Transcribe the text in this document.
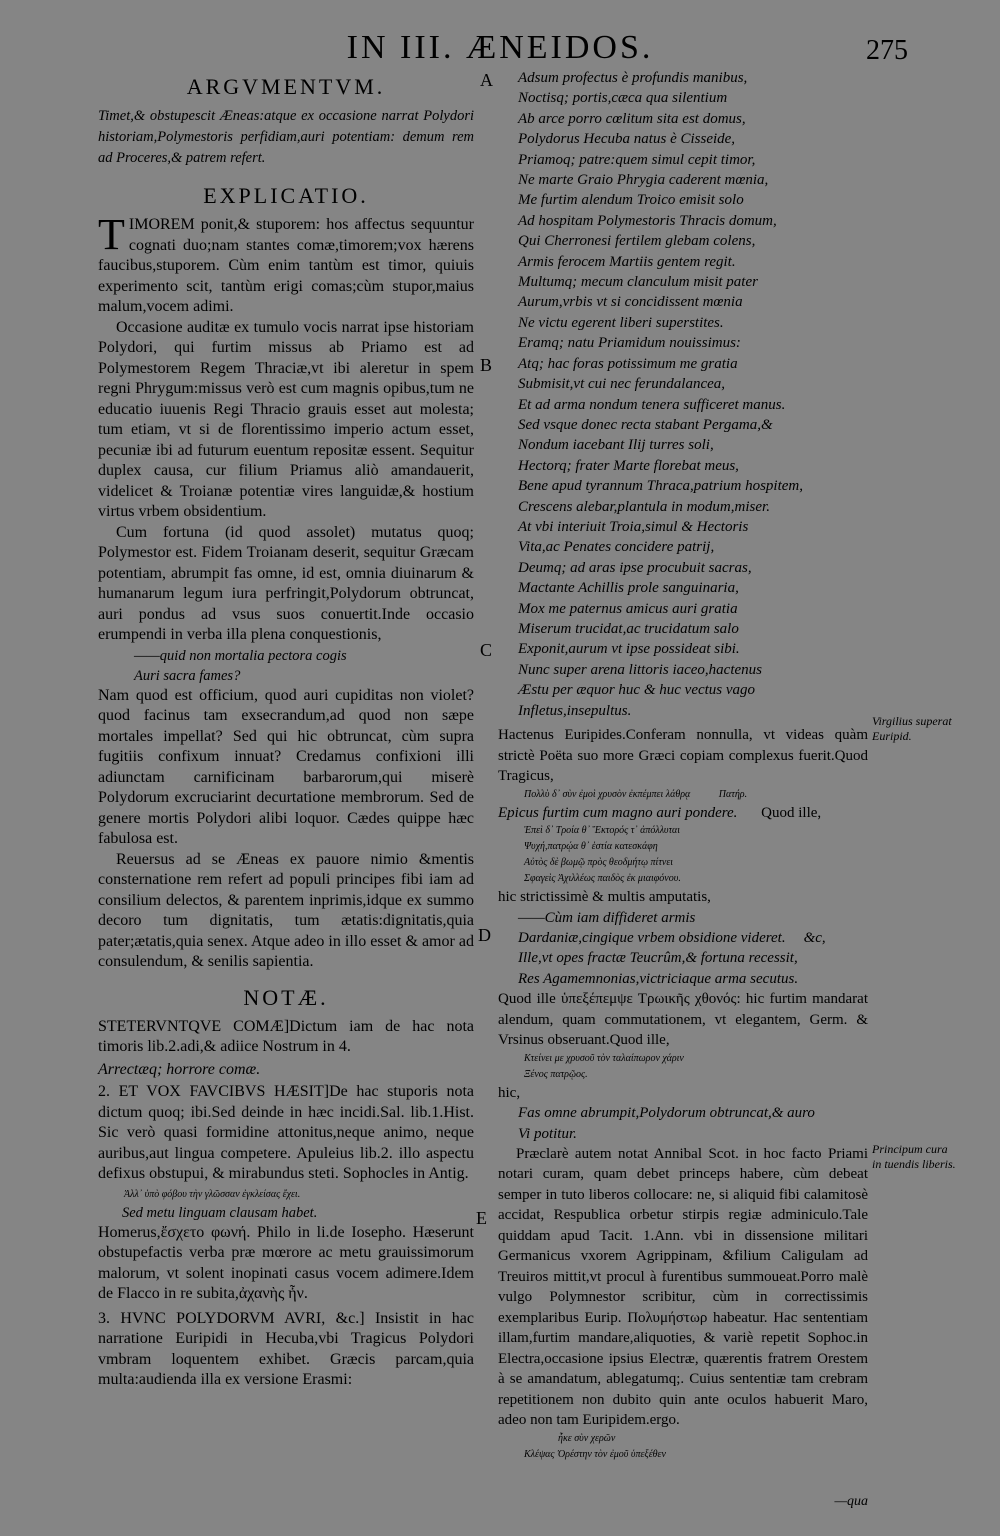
IN III. ÆNEIDOS.	275
ARGVMENTVM.
Timet,& obstupescit Æneas:atque ex occasione narrat Polydori historiam,Polymestoris perfidiam,auri potentiam: demum rem ad Proceres,& patrem refert.
EXPLICATIO.

TIMOREM ponit,& stuporem: hos affectus sequuntur cognati duo;nam stantes comæ,timorem;vox hærens faucibus,stuporem. Cùm enim tantùm est timor, quiuis experimento scit, tantùm erigi comas;cùm stupor,maius malum,vocem adimi.

Occasione auditæ ex tumulo vocis narrat ipse historiam Polydori, qui furtim missus ab Priamo est ad Polymestorem Regem Thraciæ,vt ibi aleretur in spem regni Phrygum:missus verò est cum magnis opibus,tum ne educatio iuuenis Regi Thracio grauis esset aut molesta; tum etiam, vt si de florentissimo imperio actum esset, pecuniæ ibi ad futurum euentum repositæ essent. Sequitur duplex causa, cur filium Priamus aliò amandauerit, videlicet & Troianæ potentiæ vires languidæ,& hostium virtus vrbem obsidentium.

Cum fortuna (id quod assolet) mutatus quoq; Polymestor est. Fidem Troianam deserit, sequitur Græcam potentiam, abrumpit fas omne, id est, omnia diuinarum & humanarum legum iura perfringit,Polydorum obtruncat, auri pondus ad vsus suos conuertit.Inde occasio erumpendi in verba illa plena conquestionis,

——quid non mortalia pectora cogis
Auri sacra fames?

Nam quod est officium, quod auri cupiditas non violet?quod facinus tam exsecrandum,ad quod non sæpe mortales impellat? Sed qui hic obtruncat, cùm supra fugitiis confixum innuat? Credamus confixioni illi adiunctam carnificinam barbarorum,qui miserè Polydorum excruciarint decurtatione membrorum. Sed de genere mortis Polydori alibi loquor. Cædes quippe hæc fabulosa est.

Reuersus ad se Æneas ex pauore nimio &mentis consternatione rem refert ad populi principes fibi iam ad consilium delectos, & parentem inprimis,idque ex summo decoro tum dignitatis, tum ætatis:dignitatis,quia pater;ætatis,quia senex. Atque adeo in illo esset & amor ad consulendum, & senilis sapientia.

NOTÆ.

STETERVNTQVE COMÆ]Dictum iam de hac nota timoris lib.2.adi,& adiice Nostrum in 4.

Arrectæq; horrore comæ.

2. ET VOX FAVCIBVS HÆSIT]De hac stuporis nota dictum quoq; ibi.Sed deinde in hæc incidi.Sal. lib.1.Hist. Sic verò quasi formidine attonitus,neque animo, neque auribus,aut lingua competere. Apuleius lib.2. illo aspectu defixus obstupui, & mirabundus steti. Sophocles in Antig.

Ἀλλ᾽ ὑπὸ φόβου τὴν γλῶσσαν ἐγκλείσας ἔχει.
Sed metu linguam clausam habet.

Homerus,ἔσχετο φωνή. Philo in li.de Iosepho. Hæserunt obstupefactis verba præ mœrore ac metu grauissimorum malorum, vt solent inopinati casus vocem adimere.Idem de Flacco in re subita,ἀχανὴς ἦν.

3. HVNC POLYDORVM AVRI, &c.] Insistit in hac narratione Euripidi in Hecuba,vbi Tragicus Polydori vmbram loquentem exhibet. Græcis parcam,quia multa:audienda illa ex versione Erasmi:

A
B
C
D
E
Adsum profectus è profundis manibus,
Noctisq; portis,cæca qua silentium
Ab arce porro cœlitum sita est domus,
Polydorus Hecuba natus è Cisseide,
Priamoq; patre:quem simul cepit timor,
Ne marte Graio Phrygia caderent mœnia,
Me furtim alendum Troico emisit solo
Ad hospitam Polymestoris Thracis domum,
Qui Cherronesi fertilem glebam colens,
Armis ferocem Martiis gentem regit.
Multumq; mecum clanculum misit pater
Aurum,vrbis vt si concidissent mœnia
Ne victu egerent liberi superstites.
Eramq; natu Priamidum nouissimus:
Atq; hac foras potissimum me gratia
Submisit,vt cui nec ferundalancea,
Et ad arma nondum tenera sufficeret manus.
Sed vsque donec recta stabant Pergama,&
Nondum iacebant Ilij turres soli,
Hectorq; frater Marte florebat meus,
Bene apud tyrannum Thraca,patrium hospitem,
Crescens alebar,plantula in modum,miser.
At vbi interiuit Troia,simul & Hectoris
Vita,ac Penates concidere patrij,
Deumq; ad aras ipse procubuit sacras,
Mactante Achillis prole sanguinaria,
Mox me paternus amicus auri gratia
Miserum trucidat,ac trucidatum salo
Exponit,aurum vt ipse possideat sibi.
Nunc super arena littoris iaceo,hactenus
Æstu per æquor huc & huc vectus vago
Infletus,insepultus.

Hactenus Euripides.Conferam nonnulla, vt videas quàm strictè Poëta suo more Græci copiam complexus fuerit.Quod Tragicus,

Πολλὺ δ᾽ σὺν ἐμοὶ χρυσὸν ἐκπέμπει λάθρᾳ	Πατήρ.

Epicus furtim cum magno auri pondere. Quod ille,

Ἐπεὶ δ᾽ Τροία θ᾽ Ἕκτορός τ᾽ ἀπόλλυται
Ψυχή,πατρῴα θ᾽ ἑστία κατεσκάφη
Αὐτὸς δὲ βωμῷ πρὸς θεοδμήτῳ πίτνει
Σφαγεὶς Ἀχιλλέως παιδὸς ἐκ μιαιφόνου.

hic strictissimè & multis amputatis,

——Cùm iam diffideret armis
Dardaniæ,cingique vrbem obsidione videret. &c,
Ille,vt opes fractæ Teucrûm,& fortuna recessit,
Res Agamemnonias,victriciaque arma secutus.

Quod ille ὑπεξέπεμψε Τρωικῆς χθονός: hic furtim mandarat alendum, quam commutationem, vt elegantem, Germ. & Vrsinus obseruant.Quod ille,

Κτείνει με χρυσοῦ τὸν ταλαίπωρον χάριν
Ξένος πατρῷος.

hic,

Fas omne abrumpit,Polydorum obtruncat,& auro
Vi potitur.

Præclarè autem notat Annibal Scot. in hoc facto Priami notari curam, quam debet princeps habere, cùm debeat semper in tuto liberos collocare: ne, si aliquid fibi calamitosè accidat, Respublica orbetur stirpis regiæ adminiculo.Tale quiddam apud Tacit. 1.Ann. vbi in dissensione militari Germanicus vxorem Agrippinam, &filium Caligulam ad Treuiros mittit,vt procul à furentibus summoueat.Porro malè vulgo Polymnestor scribitur, cùm in correctissimis exemplaribus Eurip. Πολυμήστωρ habeatur. Hac sententiam illam,furtim mandare,aliquoties, & variè repetit Sophoc.in Electra,occasione ipsius Electræ, quærentis fratrem Orestem à se amandatum, ablegatumq;. Cuius sententiæ tam crebram repetitionem non dubito quin ante oculos habuerit Maro, adeo non tam Euripidem.ergo.

ἦκε σὺν χερῶν
Κλέψας Ὀρέστην τὸν ἐμοῦ ὑπεξέθεν
Virgilius superat Euripid.
Principum cura in tuendis liberis.
—qua
